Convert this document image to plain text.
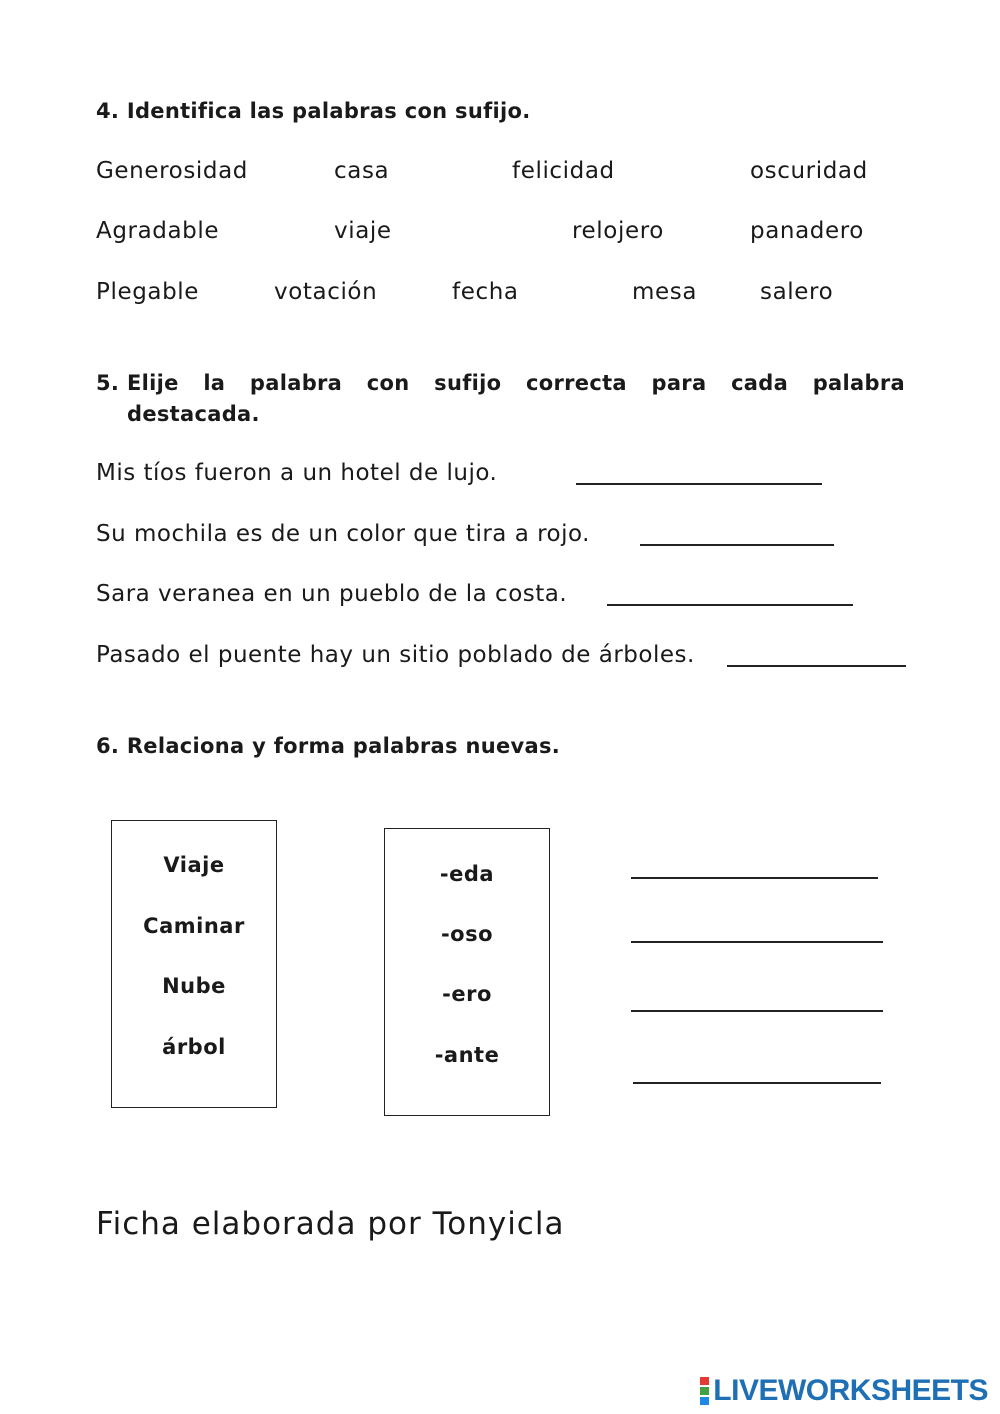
4. Identifica las palabras con sufijo.
Generosidad	casa	felicidad	oscuridad
Agradable	viaje	relojero	panadero
Plegable	votación	fecha	mesa	salero
5. Elije la palabra con sufijo correcta para cada palabra
destacada.
Mis tíos fueron a un hotel de lujo.
Su mochila es de un color que tira a rojo.
Sara veranea en un pueblo de la costa.
Pasado el puente hay un sitio poblado de árboles.
6. Relaciona y forma palabras nuevas.
Viaje
Caminar
Nube
árbol
-eda
-oso
-ero
-ante
Ficha elaborada por Tonyicla
LIVEWORKSHEETS
